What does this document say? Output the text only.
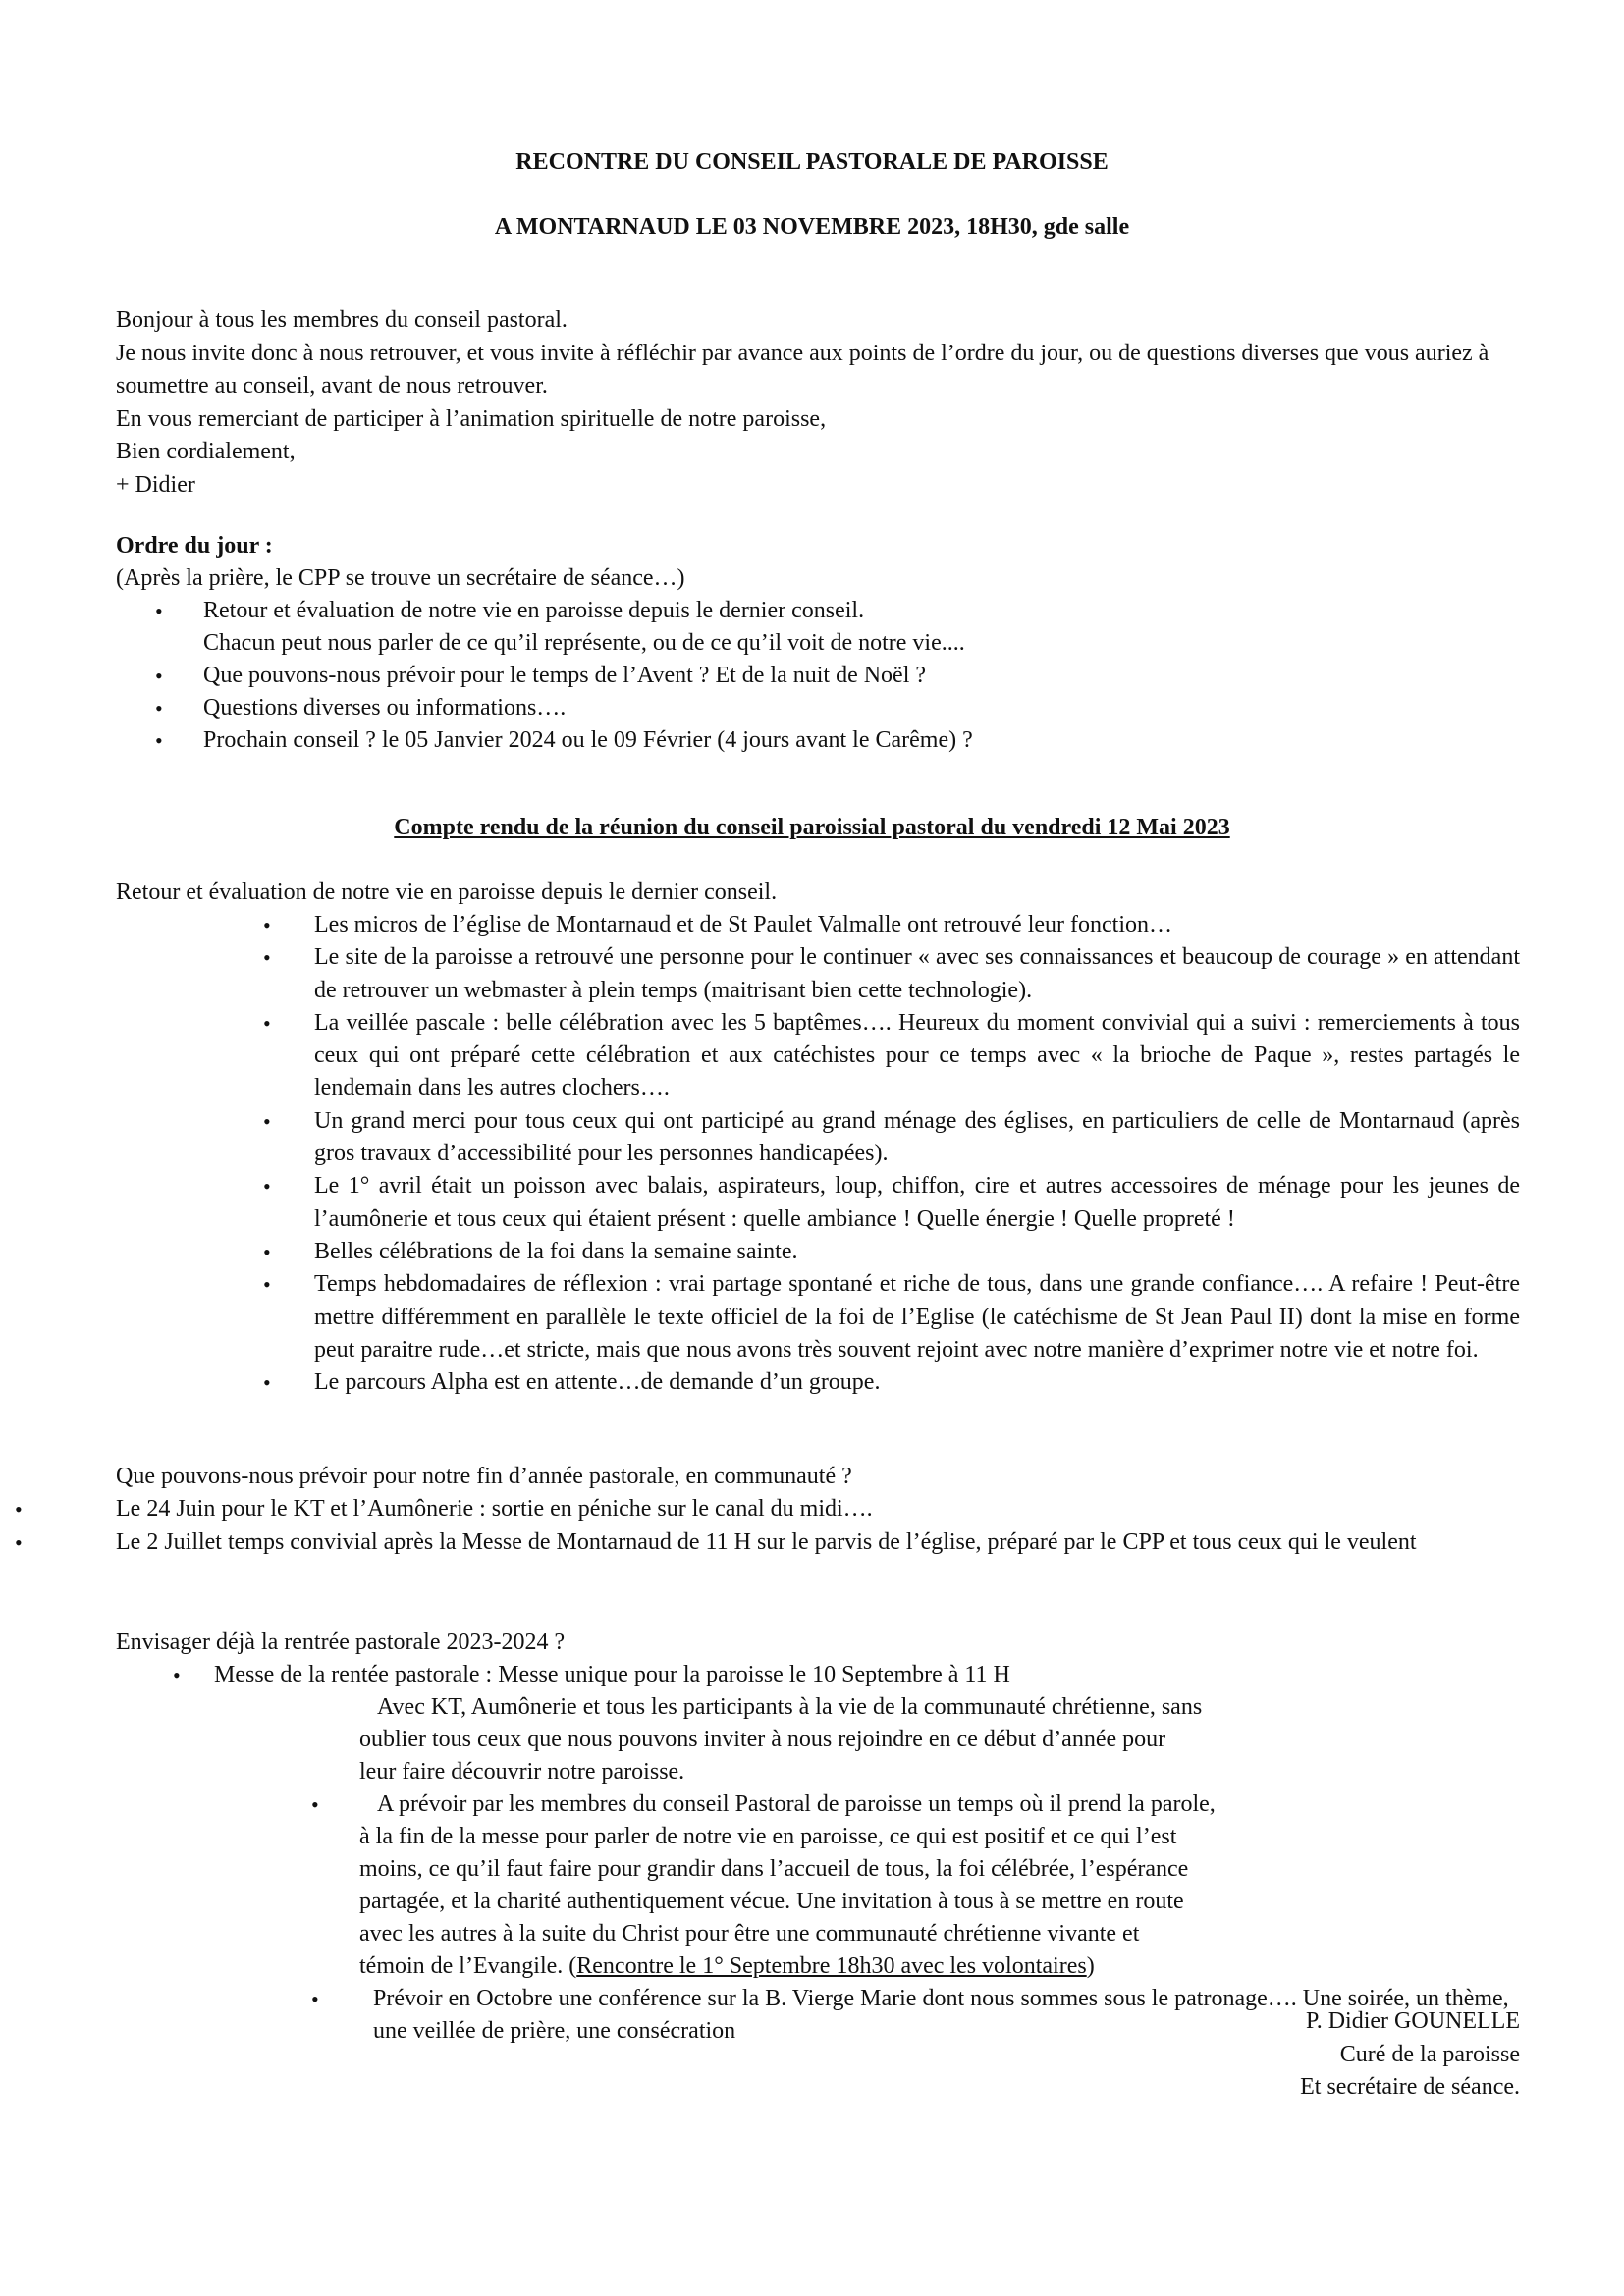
RECONTRE DU CONSEIL PASTORALE DE PAROISSE

A MONTARNAUD LE 03 NOVEMBRE 2023, 18H30, gde salle

Bonjour à tous les membres du conseil pastoral.

Je nous invite donc à nous retrouver, et vous invite à réfléchir par avance aux points de l’ordre du jour, ou de questions diverses que vous auriez à soumettre au conseil, avant de nous retrouver.

En vous remerciant de participer à l’animation spirituelle de notre paroisse,

Bien cordialement,

+ Didier

Ordre du jour :

(Après la prière, le CPP se trouve un secrétaire de séance…)

• Retour et évaluation de notre vie en paroisse depuis le dernier conseil.
Chacun peut nous parler de ce qu’il représente, ou de ce qu’il voit de notre vie....
• Que pouvons-nous prévoir pour le temps de l’Avent ? Et de la nuit de Noël ?
• Questions diverses ou informations….
• Prochain conseil ? le 05 Janvier 2024 ou le 09 Février (4 jours avant le Carême) ?

Compte rendu de la réunion du conseil paroissial pastoral du vendredi 12 Mai 2023

Retour et évaluation de notre vie en paroisse depuis le dernier conseil.

• Les micros de l’église de Montarnaud et de St Paulet Valmalle ont retrouvé leur fonction…
• Le site de la paroisse a retrouvé une personne pour le continuer « avec ses connaissances et beaucoup de courage » en attendant de retrouver un webmaster à plein temps (maitrisant bien cette technologie).
• La veillée pascale : belle célébration avec les 5 baptêmes…. Heureux du moment convivial qui a suivi : remerciements à tous ceux qui ont préparé cette célébration et aux catéchistes pour ce temps avec « la brioche de Paque », restes partagés le lendemain dans les autres clochers….
• Un grand merci pour tous ceux qui ont participé au grand ménage des églises, en particuliers de celle de Montarnaud (après gros travaux d’accessibilité pour les personnes handicapées).
• Le 1° avril était un poisson avec balais, aspirateurs, loup, chiffon, cire et autres accessoires de ménage pour les jeunes de l’aumônerie et tous ceux qui étaient présent : quelle ambiance ! Quelle énergie ! Quelle propreté !
• Belles célébrations de la foi dans la semaine sainte.
• Temps hebdomadaires de réflexion : vrai partage spontané et riche de tous, dans une grande confiance…. A refaire ! Peut-être mettre différemment en parallèle le texte officiel de la foi de l’Eglise (le catéchisme de St Jean Paul II) dont la mise en forme peut paraitre rude…et stricte, mais que nous avons très souvent rejoint avec notre manière d’exprimer notre vie et notre foi.
• Le parcours Alpha est en attente…de demande d’un groupe.

Que pouvons-nous prévoir pour notre fin d’année pastorale, en communauté ?

• Le 24 Juin pour le KT et l’Aumônerie : sortie en péniche sur le canal du midi….
• Le 2 Juillet temps convivial après la Messe de Montarnaud de 11 H sur le parvis de l’église, préparé par le CPP et tous ceux qui le veulent

Envisager déjà la rentrée pastorale 2023-2024 ?

• Messe de la rentée pastorale : Messe unique pour la paroisse le 10 Septembre à 11 H

Avec KT, Aumônerie et tous les participants à la vie de la communauté chrétienne, sans

oublier tous ceux que nous pouvons inviter à nous rejoindre en ce début d’année pour

leur faire découvrir notre paroisse.

• A prévoir par les membres du conseil Pastoral de paroisse un temps où il prend la parole,

à la fin de la messe pour parler de notre vie en paroisse, ce qui est positif et ce qui l’est

moins, ce qu’il faut faire pour grandir dans l’accueil de tous, la foi célébrée, l’espérance

partagée, et la charité authentiquement vécue. Une invitation à tous à se mettre en route

avec les autres à la suite du Christ pour être une communauté chrétienne vivante et

témoin de l’Evangile. (Rencontre le 1° Septembre 18h30 avec les volontaires)

• Prévoir en Octobre une conférence sur la B. Vierge Marie dont nous sommes sous le patronage…. Une soirée, un thème, une veillée de prière, une consécration	P. Didier GOUNELLE

Curé de la paroisse

Et secrétaire de séance.
